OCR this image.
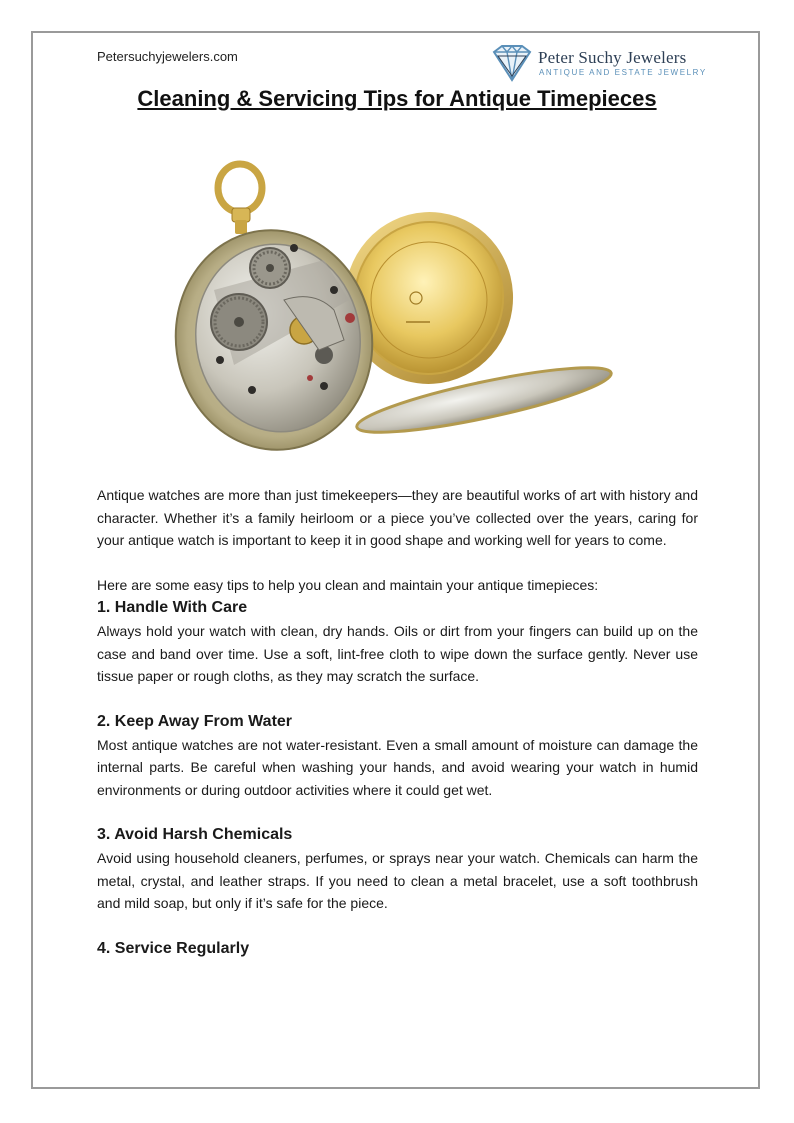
Petersuchyjewelers.com	Peter Suchy Jewelers
ANTIQUE AND ESTATE JEWELRY
Cleaning & Servicing Tips for Antique Timepieces

Antique watches are more than just timekeepers—they are beautiful works of art with history and character. Whether it’s a family heirloom or a piece you’ve collected over the years, caring for your antique watch is important to keep it in good shape and working well for years to come.

Here are some easy tips to help you clean and maintain your antique timepieces:

1. Handle With Care

Always hold your watch with clean, dry hands. Oils or dirt from your fingers can build up on the case and band over time. Use a soft, lint-free cloth to wipe down the surface gently. Never use tissue paper or rough cloths, as they may scratch the surface.

2. Keep Away From Water

Most antique watches are not water-resistant. Even a small amount of moisture can damage the internal parts. Be careful when washing your hands, and avoid wearing your watch in humid environments or during outdoor activities where it could get wet.

3. Avoid Harsh Chemicals

Avoid using household cleaners, perfumes, or sprays near your watch. Chemicals can harm the metal, crystal, and leather straps. If you need to clean a metal bracelet, use a soft toothbrush and mild soap, but only if it’s safe for the piece.

4. Service Regularly
